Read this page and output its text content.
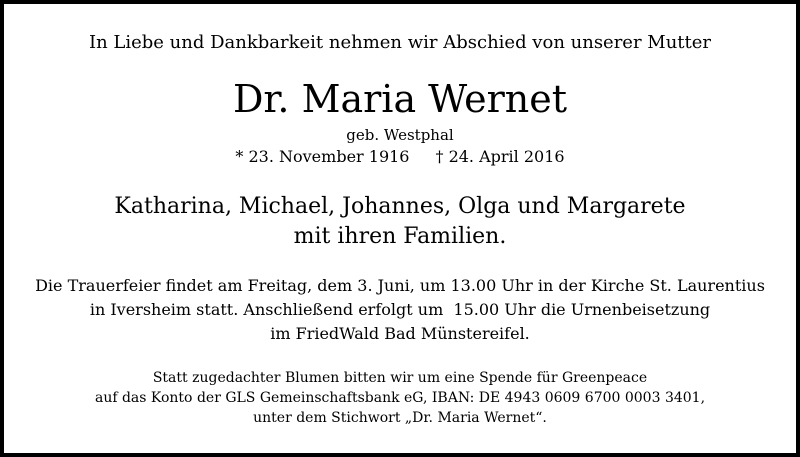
In Liebe und Dankbarkeit nehmen wir Abschied von unserer Mutter
Dr. Maria Wernet
geb. Westphal
* 23. November 1916 † 24. April 2016
Katharina, Michael, Johannes, Olga und Margarete
mit ihren Familien.
Die Trauerfeier findet am Freitag, dem 3. Juni, um 13.00 Uhr in der Kirche St. Laurentius
in Iversheim statt. Anschließend erfolgt um  15.00 Uhr die Urnenbeisetzung
im FriedWald Bad Münstereifel.
Statt zugedachter Blumen bitten wir um eine Spende für Greenpeace
auf das Konto der GLS Gemeinschaftsbank eG, IBAN: DE 4943 0609 6700 0003 3401,
unter dem Stichwort „Dr. Maria Wernet“.
